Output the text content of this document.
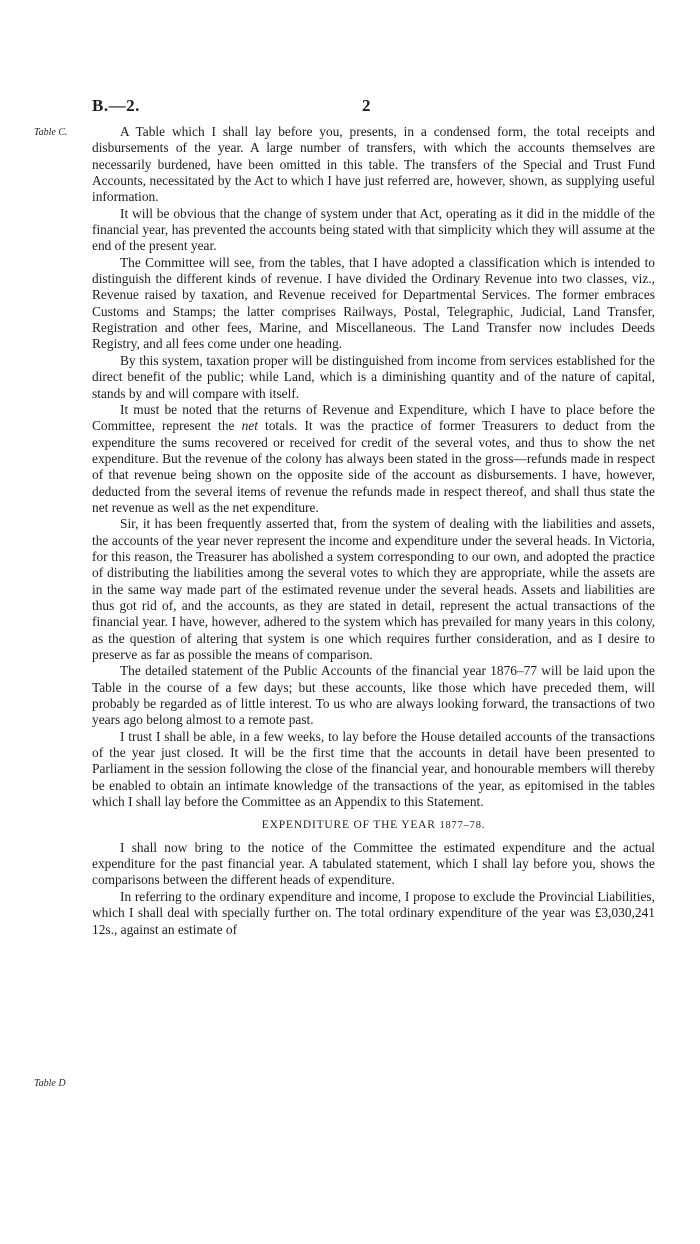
B.—2.	2
Table C.
Table D

A Table which I shall lay before you, presents, in a condensed form, the total receipts and disbursements of the year. A large number of transfers, with which the accounts themselves are necessarily burdened, have been omitted in this table. The transfers of the Special and Trust Fund Accounts, necessitated by the Act to which I have just referred are, however, shown, as supplying useful information.

It will be obvious that the change of system under that Act, operating as it did in the middle of the financial year, has prevented the accounts being stated with that simplicity which they will assume at the end of the present year.

The Committee will see, from the tables, that I have adopted a classification which is intended to distinguish the different kinds of revenue. I have divided the Ordinary Revenue into two classes, viz., Revenue raised by taxation, and Revenue received for Departmental Services. The former embraces Customs and Stamps; the latter comprises Railways, Postal, Telegraphic, Judicial, Land Transfer, Registration and other fees, Marine, and Miscellaneous. The Land Transfer now includes Deeds Registry, and all fees come under one heading.

By this system, taxation proper will be distinguished from income from services established for the direct benefit of the public; while Land, which is a diminishing quantity and of the nature of capital, stands by and will compare with itself.

It must be noted that the returns of Revenue and Expenditure, which I have to place before the Committee, represent the net totals. It was the practice of former Treasurers to deduct from the expenditure the sums recovered or received for credit of the several votes, and thus to show the net expenditure. But the revenue of the colony has always been stated in the gross—refunds made in respect of that revenue being shown on the opposite side of the account as disbursements. I have, however, deducted from the several items of revenue the refunds made in respect thereof, and shall thus state the net revenue as well as the net expenditure.

Sir, it has been frequently asserted that, from the system of dealing with the liabilities and assets, the accounts of the year never represent the income and expenditure under the several heads. In Victoria, for this reason, the Treasurer has abolished a system corresponding to our own, and adopted the practice of distributing the liabilities among the several votes to which they are appropriate, while the assets are in the same way made part of the estimated revenue under the several heads. Assets and liabilities are thus got rid of, and the accounts, as they are stated in detail, represent the actual transactions of the financial year. I have, however, adhered to the system which has prevailed for many years in this colony, as the question of altering that system is one which requires further consideration, and as I desire to preserve as far as possible the means of comparison.

The detailed statement of the Public Accounts of the financial year 1876–77 will be laid upon the Table in the course of a few days; but these accounts, like those which have preceded them, will probably be regarded as of little interest. To us who are always looking forward, the transactions of two years ago belong almost to a remote past.

I trust I shall be able, in a few weeks, to lay before the House detailed accounts of the transactions of the year just closed. It will be the first time that the accounts in detail have been presented to Parliament in the session following the close of the financial year, and honourable members will thereby be enabled to obtain an intimate knowledge of the transactions of the year, as epitomised in the tables which I shall lay before the Committee as an Appendix to this Statement.

EXPENDITURE OF THE YEAR 1877–78.

I shall now bring to the notice of the Committee the estimated expenditure and the actual expenditure for the past financial year. A tabulated statement, which I shall lay before you, shows the comparisons between the different heads of expenditure.

In referring to the ordinary expenditure and income, I propose to exclude the Provincial Liabilities, which I shall deal with specially further on. The total ordinary expenditure of the year was £3,030,241 12s., against an estimate of
